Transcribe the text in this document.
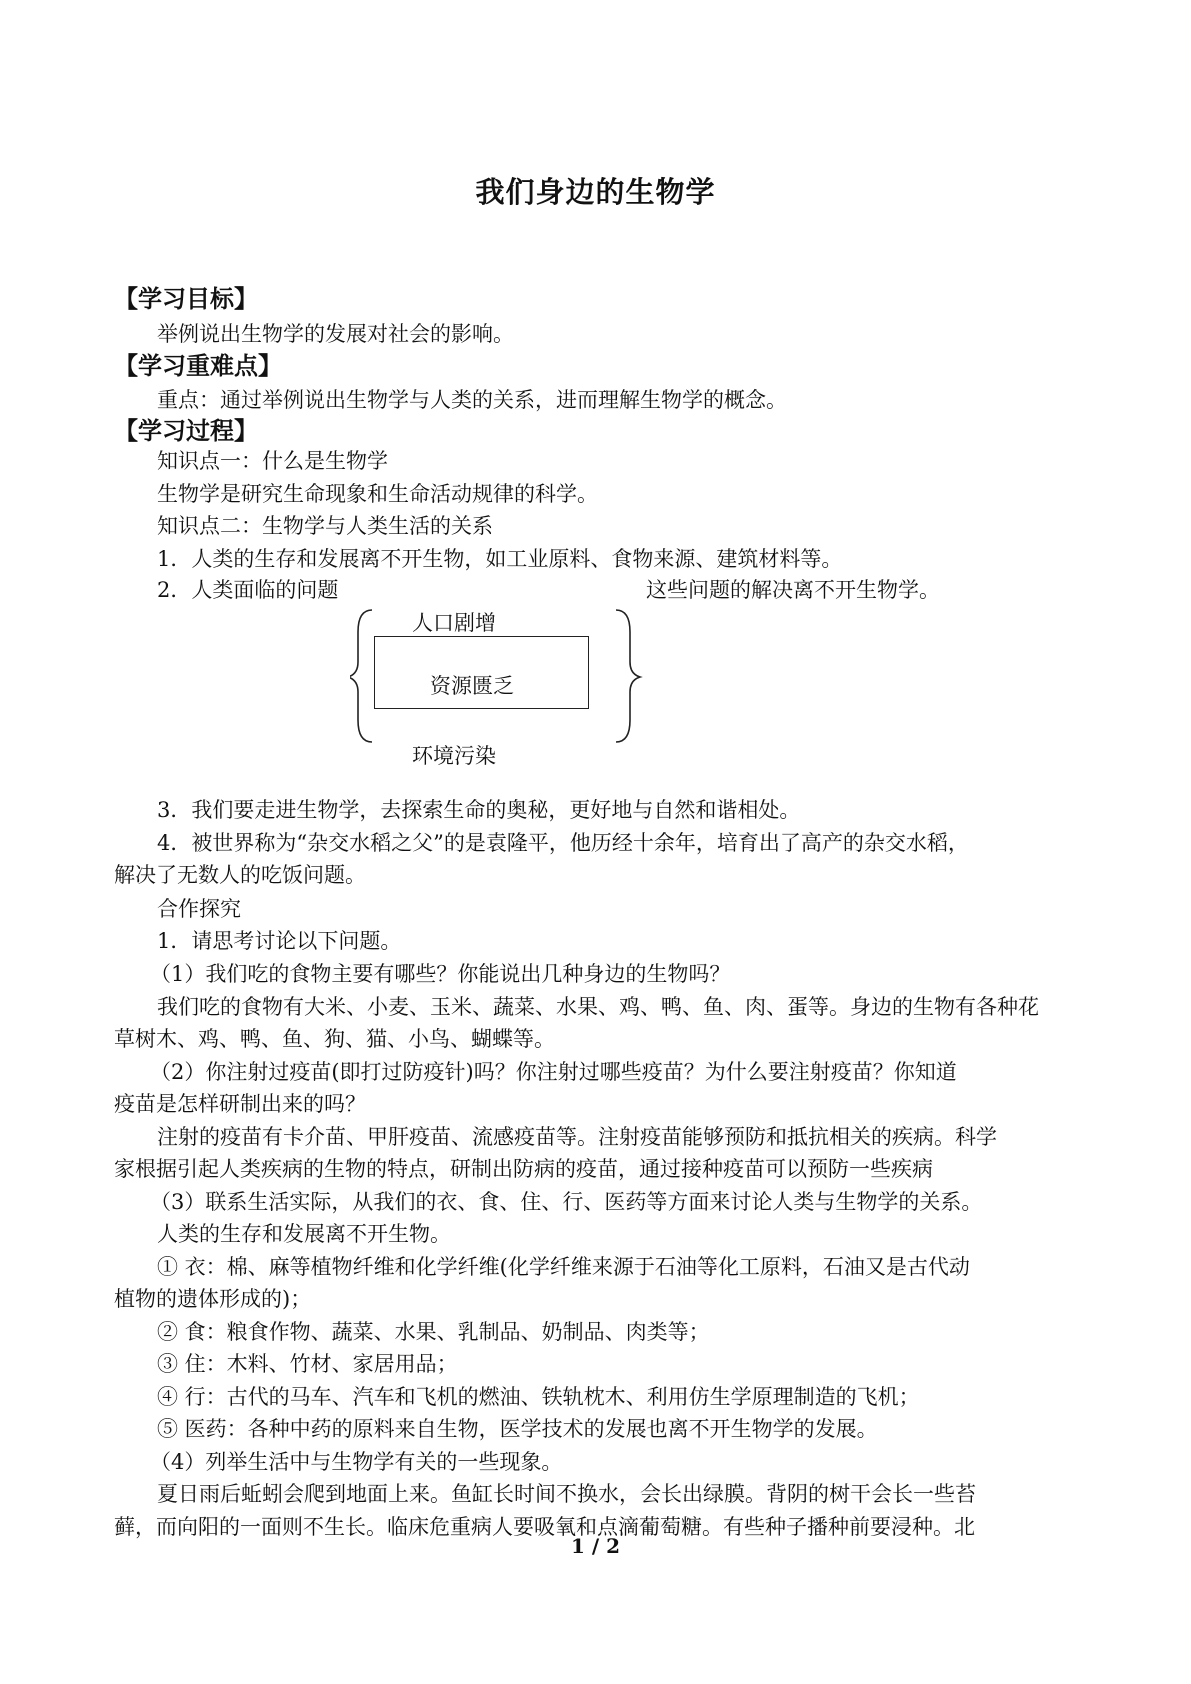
我们身边的生物学
【学习目标】
举例说出生物学的发展对社会的影响。
【学习重难点】
重点：通过举例说出生物学与人类的关系，进而理解生物学的概念。
【学习过程】
知识点一：什么是生物学
生物学是研究生命现象和生命活动规律的科学。
知识点二：生物学与人类生活的关系
1．人类的生存和发展离不开生物，如工业原料、食物来源、建筑材料等。
2．人类面临的问题	这些问题的解决离不开生物学。
人口剧增
资源匮乏
环境污染
3．我们要走进生物学，去探索生命的奥秘，更好地与自然和谐相处。
4．被世界称为“杂交水稻之父”的是袁隆平，他历经十余年，培育出了高产的杂交水稻，
解决了无数人的吃饭问题。
合作探究
1．请思考讨论以下问题。
（1）我们吃的食物主要有哪些？你能说出几种身边的生物吗？
我们吃的食物有大米、小麦、玉米、蔬菜、水果、鸡、鸭、鱼、肉、蛋等。身边的生物有各种花
草树木、鸡、鸭、鱼、狗、猫、小鸟、蝴蝶等。
（2）你注射过疫苗(即打过防疫针)吗？你注射过哪些疫苗？为什么要注射疫苗？你知道
疫苗是怎样研制出来的吗？
注射的疫苗有卡介苗、甲肝疫苗、流感疫苗等。注射疫苗能够预防和抵抗相关的疾病。科学
家根据引起人类疾病的生物的特点，研制出防病的疫苗，通过接种疫苗可以预防一些疾病
（3）联系生活实际，从我们的衣、食、住、行、医药等方面来讨论人类与生物学的关系。
人类的生存和发展离不开生物。
① 衣：棉、麻等植物纤维和化学纤维(化学纤维来源于石油等化工原料，石油又是古代动
植物的遗体形成的)；
② 食：粮食作物、蔬菜、水果、乳制品、奶制品、肉类等；
③ 住：木料、竹材、家居用品；
④ 行：古代的马车、汽车和飞机的燃油、铁轨枕木、利用仿生学原理制造的飞机；
⑤ 医药：各种中药的原料来自生物，医学技术的发展也离不开生物学的发展。
（4）列举生活中与生物学有关的一些现象。
夏日雨后蚯蚓会爬到地面上来。鱼缸长时间不换水，会长出绿膜。背阴的树干会长一些苔
藓，而向阳的一面则不生长。临床危重病人要吸氧和点滴葡萄糖。有些种子播种前要浸种。北
1 / 2
